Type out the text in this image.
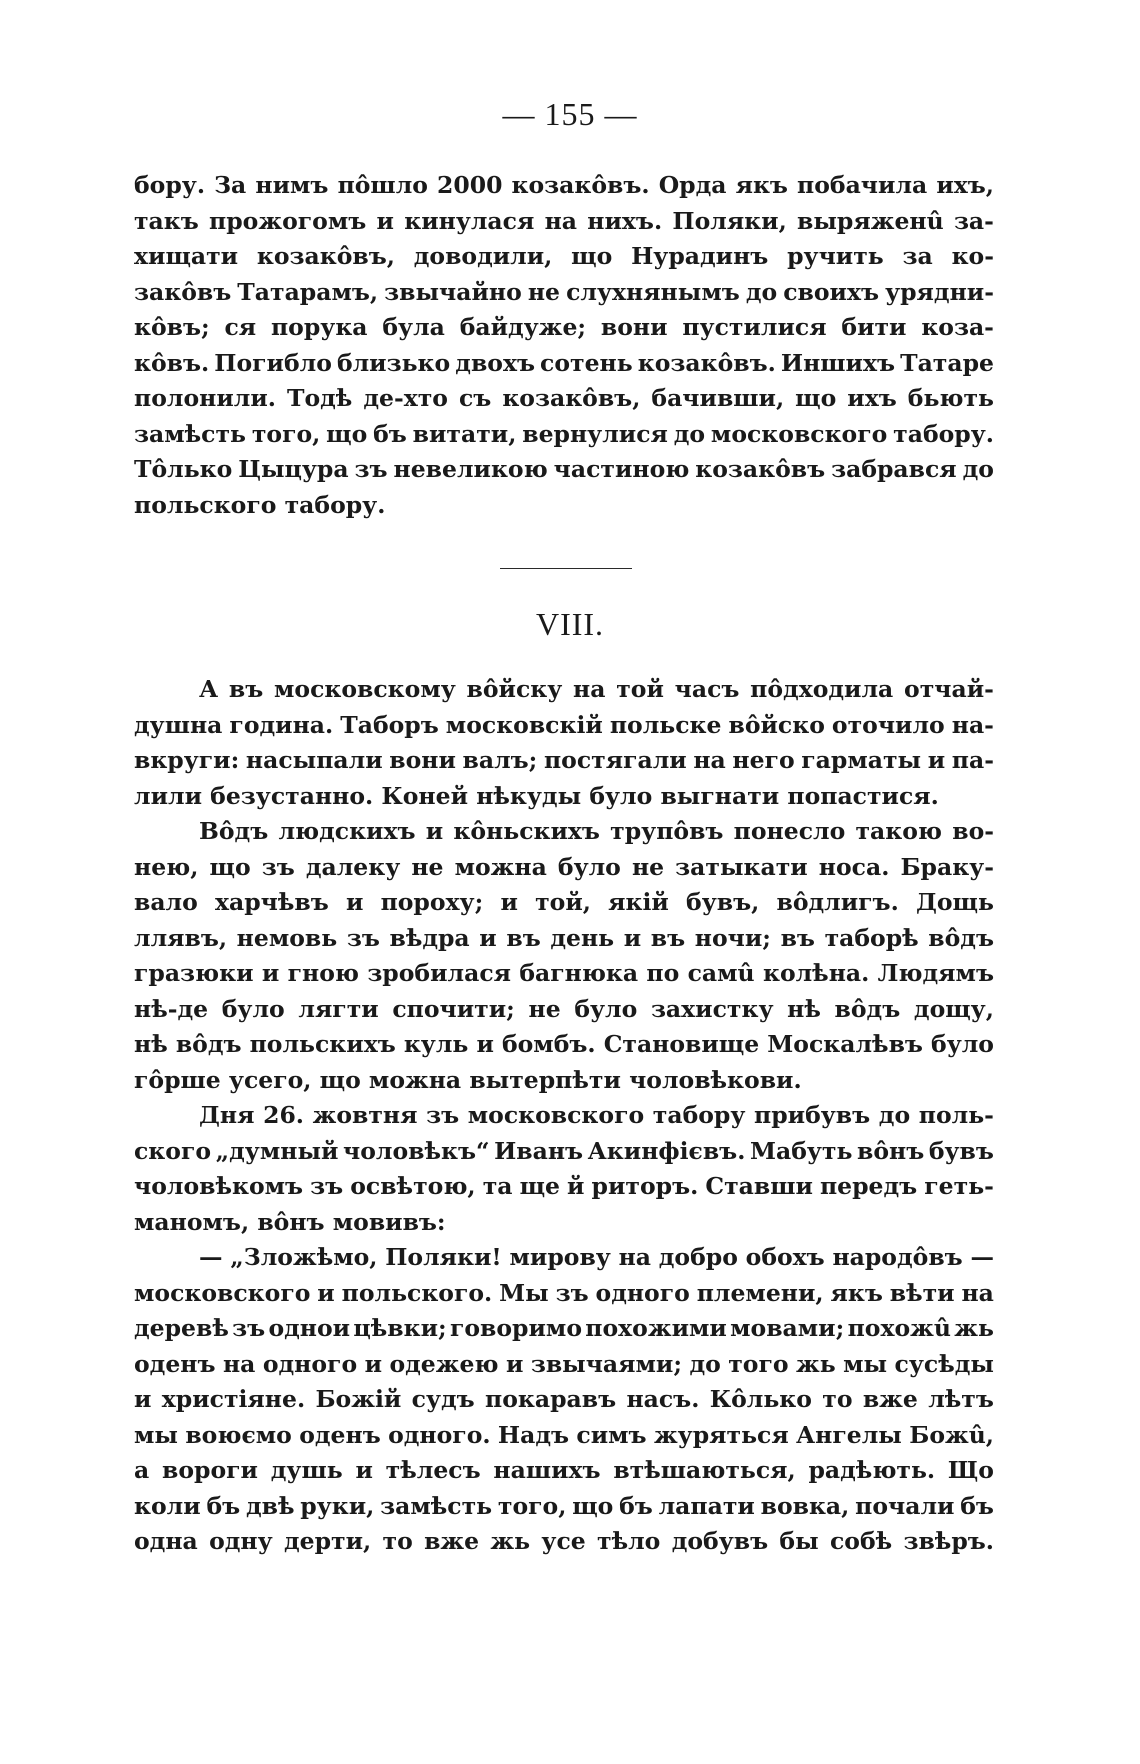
— 155 —
бору. За нимъ пôшло 2000 козакôвъ. Орда якъ побачила ихъ,
такъ прожогомъ и кинулася на нихъ. Поляки, выряженû за-
хищати козакôвъ, доводили, що Нурадинъ ручить за ко-
закôвъ Татарамъ, звычайно не слухнянымъ до своихъ урядни-
кôвъ; ся порука була байдуже; вони пустилися бити коза-
кôвъ. Погибло близько двохъ сотень козакôвъ. Иншихъ Татаре
полонили. Тодѣ де-хто съ козакôвъ, бачивши, що ихъ бьють
замѣсть того, що бъ витати, вернулися до московского табору.
Тôлько Цыцура зъ невеликою частиною козакôвъ забрався до
польского табору.
VIII.
А въ московскому вôйску на той часъ пôдходила отчай-
душна година. Таборъ московскій польске вôйско оточило на-
вкруги: насыпали вони валъ; постягали на него гарматы и па-
лили безустанно. Коней нѣкуды було выгнати попастися.
Вôдъ людскихъ и кôньскихъ трупôвъ понесло такою во-
нею, що зъ далеку не можна було не затыкати носа. Браку-
вало харчѣвъ и пороху; и той, якій бувъ, вôдлигъ. Дощь
ллявъ, немовь зъ вѣдра и въ день и въ ночи; въ таборѣ вôдъ
гразюки и гною зробилася багнюка по самû колѣна. Людямъ
нѣ-де було лягти спочити; не було захистку нѣ вôдъ дощу,
нѣ вôдъ польскихъ куль и бомбъ. Становище Москалѣвъ було
гôрше усего, що можна вытерпѣти чоловѣкови.
Дня 26. жовтня зъ московского табору прибувъ до поль-
ского „думный чоловѣкъ“ Иванъ Акинфієвъ. Мабуть вôнъ бувъ
чоловѣкомъ зъ освѣтою, та ще й риторъ. Ставши передъ геть-
маномъ, вôнъ мовивъ:
— „Зложѣмо, Поляки! мирову на добро обохъ народôвъ —
московского и польского. Мы зъ одного племени, якъ вѣти на
деревѣ зъ однои цѣвки; говоримо похожими мовами; похожû жь
оденъ на одного и одежею и звычаями; до того жь мы сусѣды
и христіяне. Божій судъ покаравъ насъ. Кôлько то вже лѣтъ
мы воюємо оденъ одного. Надъ симъ журяться Ангелы Божû,
а вороги душь и тѣлесъ нашихъ втѣшаються, радѣють. Що
коли бъ двѣ руки, замѣсть того, що бъ лапати вовка, почали бъ
одна одну дерти, то вже жь усе тѣло добувъ бы собѣ звѣръ.
